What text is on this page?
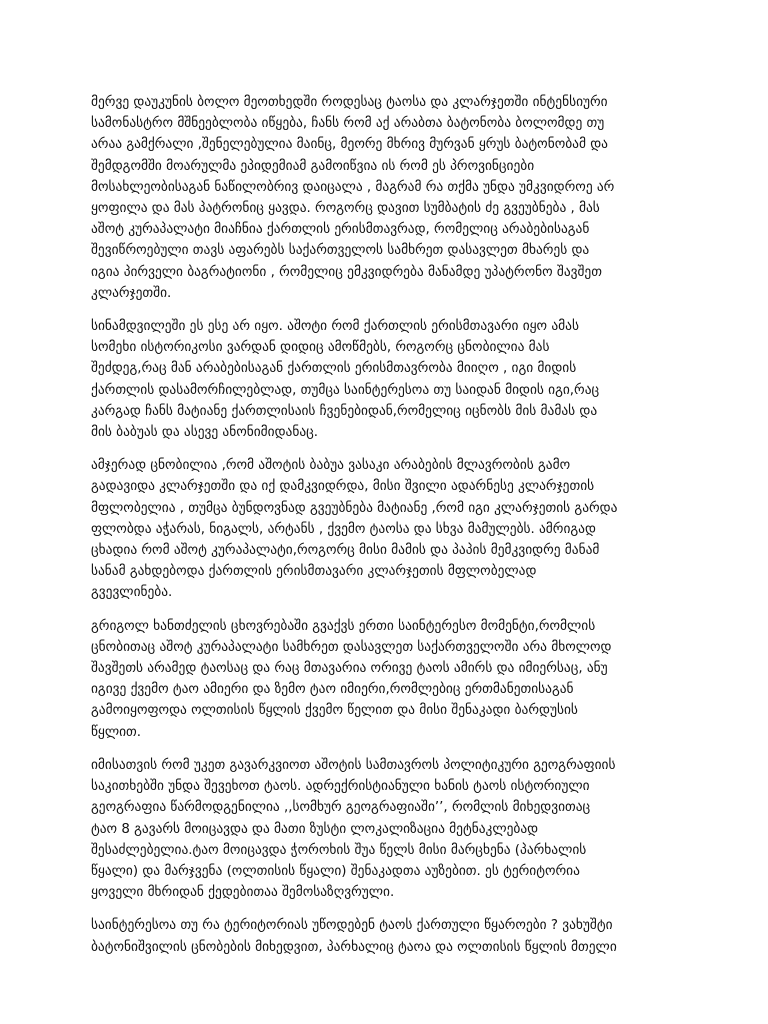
მერვე დაუკუნის ბოლო მეოთხედში როდესაც ტაოსა და კლარჯეთში ინტენსიური
სამონასტრო მშნეებლობა იწყება, ჩანს რომ აქ არაბთა ბატონობა ბოლომდე თუ
არაა გამქრალი ,შენელებულია მაინც, მეორე მხრივ მურვან ყრუს ბატონობამ და
შემდგომში მოარულმა ეპიდემიამ გამოიწვია ის რომ ეს პროვინციები
მოსახლეობისაგან ნაწილობრივ დაიცალა , მაგრამ რა თქმა უნდა უმკვიდროე არ
ყოფილა და მას პატრონიც ყავდა. როგორც დავით სუმბატის ძე გვეუბნება , მას
აშოტ კურაპალატი მიაჩნია ქართლის ერისმთავრად, რომელიც არაბებისაგან
შევიწროებული თავს აფარებს საქართველოს სამხრეთ დასავლეთ მხარეს და
იგია პირველი ბაგრატიონი , რომელიც ემკვიდრება მანამდე უპატრონო შავშეთ
კლარჯეთში.

სინამდვილეში ეს ესე არ იყო. აშოტი რომ ქართლის ერისმთავარი იყო ამას
სომეხი ისტორიკოსი ვარდან დიდიც ამოწმებს, როგორც ცნობილია მას
შეძდეგ,რაც მან არაბებისაგან ქართლის ერისმთავრობა მიიღო , იგი მიდის
ქართლის დასამორჩილებლად, თუმცა საინტერესოა თუ საიდან მიდის იგი,რაც
კარგად ჩანს მატიანე ქართლისაის ჩვენებიდან,რომელიც იცნობს მის მამას და
მის ბაბუას და ასევე ანონიმიდანაც.

ამჯერად ცნობილია ,რომ აშოტის ბაბუა ვასაკი არაბების მლავრობის გამო
გადავიდა კლარჯეთში და იქ დამკვიდრდა, მისი შვილი ადარნესე კლარჯეთის
მფლობელია , თუმცა ბუნდოვნად გვეუბნება მატიანე ,რომ იგი კლარჯეთის გარდა
ფლობდა აჭარას, ნიგალს, არტანს , ქვემო ტაოსა და სხვა მამულებს. ამრიგად
ცხადია რომ აშოტ კურაპალატი,როგორც მისი მამის და პაპის მემკვიდრე მანამ
სანამ გახდებოდა ქართლის ერისმთავარი კლარჯეთის მფლობელად
გვევლინება.

გრიგოლ ხანთძელის ცხოვრებაში გვაქვს ერთი საინტერესო მომენტი,რომლის
ცნობითაც აშოტ კურაპალატი სამხრეთ დასავლეთ საქართველოში არა მხოლოდ
შავშეთს არამედ ტაოსაც და რაც მთავარია ორივე ტაოს ამირს და იმიერსაც, ანუ
იგივე ქვემო ტაო ამიერი და ზემო ტაო იმიერი,რომლებიც ერთმანეთისაგან
გამოიყოფოდა ოლთისის წყლის ქვემო წელით და მისი შენაკადი ბარდუსის
წყლით.

იმისათვის რომ უკეთ გავარკვიოთ აშოტის სამთავროს პოლიტიკური გეოგრაფიის
საკითხებში უნდა შევეხოთ ტაოს. ადრექრისტიანული ხანის ტაოს ისტორიული
გეოგრაფია წარმოდგენილია ,,სომხურ გეოგრაფიაში’’, რომლის მიხედვითაც
ტაო 8 გავარს მოიცავდა და მათი ზუსტი ლოკალიზაცია მეტნაკლებად
შესაძლებელია.ტაო მოიცავდა ჭოროხის შუა წელს მისი მარცხენა (პარხალის
წყალი) და მარჯვენა (ოლთისის წყალი) შენაკადთა აუზებით. ეს ტერიტორია
ყოველი მხრიდან ქედებითაა შემოსაზღვრული.

საინტერესოა თუ რა ტერიტორიას უწოდებენ ტაოს ქართული წყაროები ? ვახუშტი
ბატონიშვილის ცნობების მიხედვით, პარხალიც ტაოა და ოლთისის წყლის მთელი
